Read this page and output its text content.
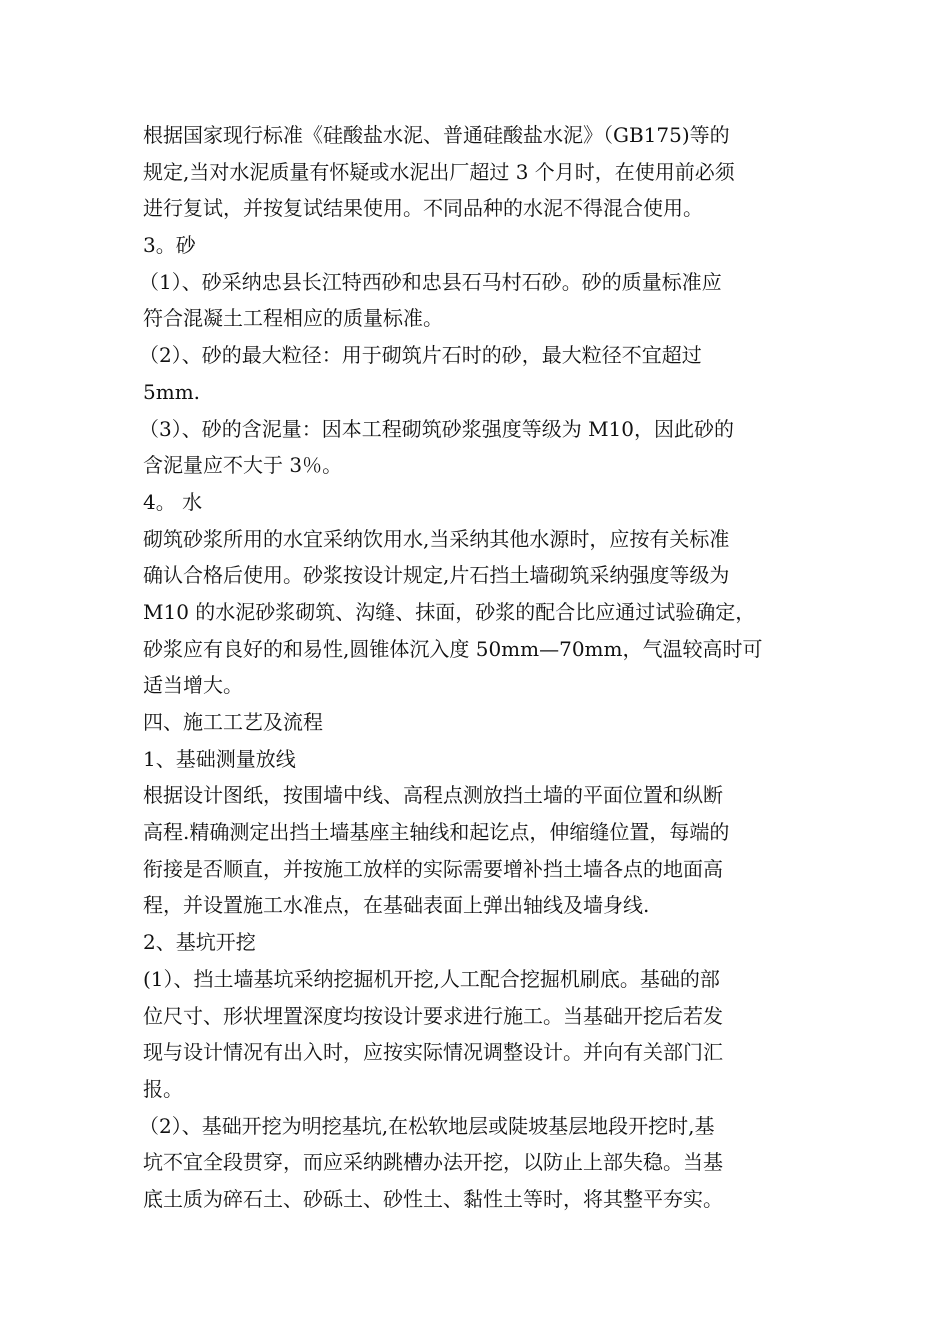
根据国家现行标准《硅酸盐水泥、普通硅酸盐水泥》（GB175)等的
规定,当对水泥质量有怀疑或水泥出厂超过 3 个月时，在使用前必须
进行复试，并按复试结果使用。不同品种的水泥不得混合使用。
3。砂
（1）、砂采纳忠县长江特西砂和忠县石马村石砂。砂的质量标准应
符合混凝土工程相应的质量标准。
（2）、砂的最大粒径：用于砌筑片石时的砂，最大粒径不宜超过
5mm.
（3）、砂的含泥量：因本工程砌筑砂浆强度等级为 M10，因此砂的
含泥量应不大于 3％。
4。 水
砌筑砂浆所用的水宜采纳饮用水,当采纳其他水源时，应按有关标准
确认合格后使用。砂浆按设计规定,片石挡土墙砌筑采纳强度等级为
M10 的水泥砂浆砌筑、沟缝、抹面，砂浆的配合比应通过试验确定，
砂浆应有良好的和易性,圆锥体沉入度 50mm—70mm，气温较高时可
适当增大。
四、施工工艺及流程
1、基础测量放线
根据设计图纸，按围墙中线、高程点测放挡土墙的平面位置和纵断
高程.精确测定出挡土墙基座主轴线和起讫点，伸缩缝位置，每端的
衔接是否顺直，并按施工放样的实际需要增补挡土墙各点的地面高
程，并设置施工水准点，在基础表面上弹出轴线及墙身线.
2、基坑开挖
(1）、挡土墙基坑采纳挖掘机开挖,人工配合挖掘机刷底。基础的部
位尺寸、形状埋置深度均按设计要求进行施工。当基础开挖后若发
现与设计情况有出入时，应按实际情况调整设计。并向有关部门汇
报。
（2）、基础开挖为明挖基坑,在松软地层或陡坡基层地段开挖时,基
坑不宜全段贯穿，而应采纳跳槽办法开挖，以防止上部失稳。当基
底土质为碎石土、砂砾土、砂性土、黏性土等时，将其整平夯实。
